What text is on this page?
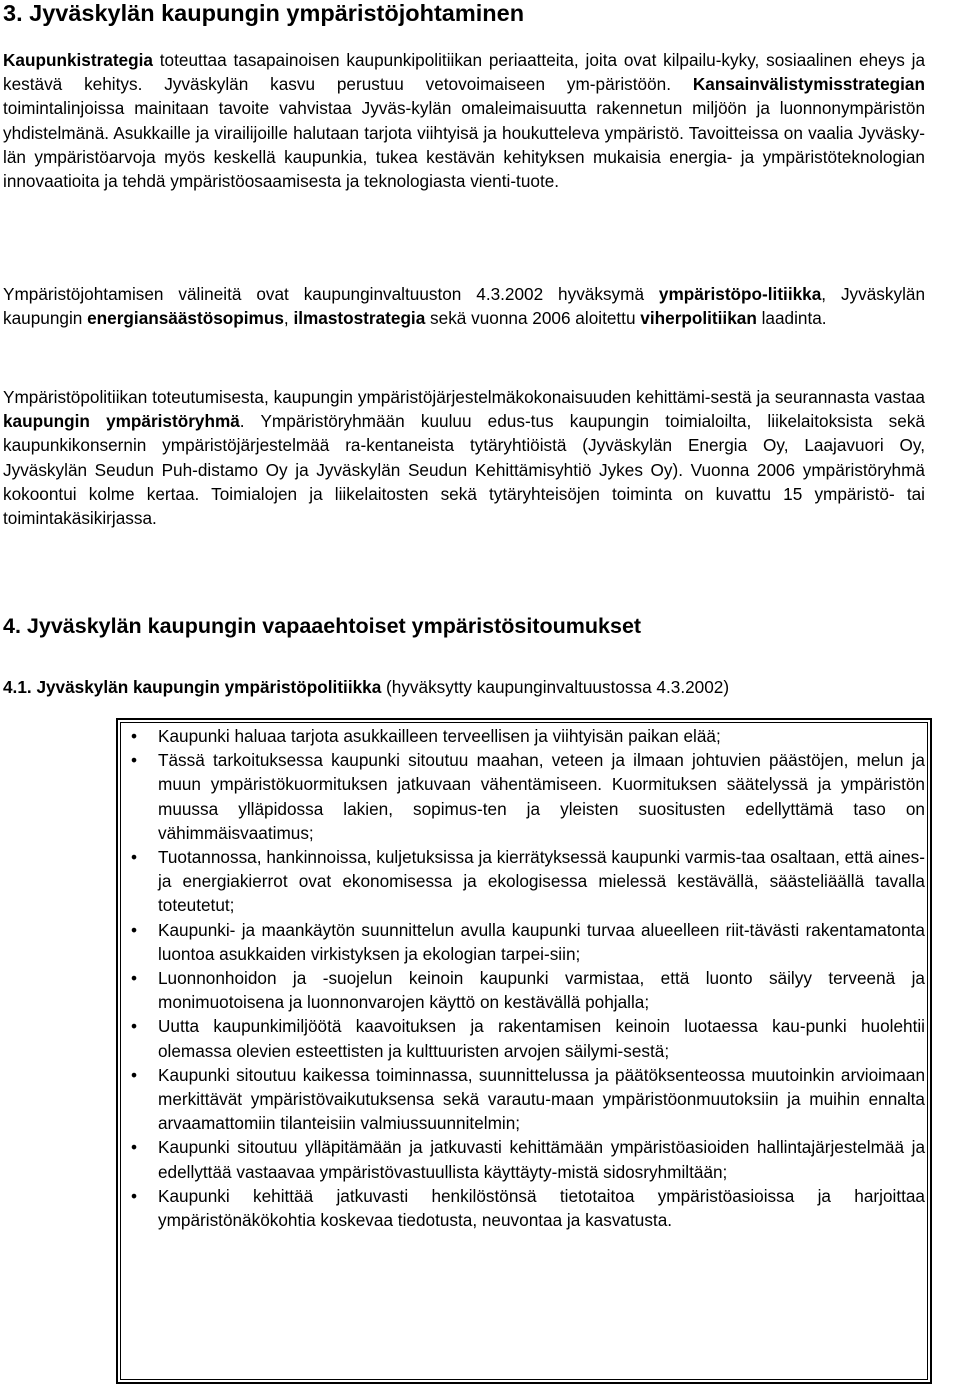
3. Jyväskylän kaupungin ympäristöjohtaminen

Kaupunkistrategia toteuttaa tasapainoisen kaupunkipolitiikan periaatteita, joita ovat kilpailu-kyky, sosiaalinen eheys ja kestävä kehitys. Jyväskylän kasvu perustuu vetovoimaiseen ym-päristöön. Kansainvälistymisstrategian toimintalinjoissa mainitaan tavoite vahvistaa Jyväs-kylän omaleimaisuutta rakennetun miljöön ja luonnonympäristön yhdistelmänä. Asukkaille ja virailijoille halutaan tarjota viihtyisä ja houkutteleva ympäristö. Tavoitteissa on vaalia Jyväsky-län ympäristöarvoja myös keskellä kaupunkia, tukea kestävän kehityksen mukaisia energia- ja ympäristöteknologian innovaatioita ja tehdä ympäristöosaamisesta ja teknologiasta vienti-tuote.

Ympäristöjohtamisen välineitä ovat kaupunginvaltuuston 4.3.2002 hyväksymä ympäristöpo-litiikka, Jyväskylän kaupungin energiansäästösopimus, ilmastostrategia sekä vuonna 2006 aloitettu viherpolitiikan laadinta.

Ympäristöpolitiikan toteutumisesta, kaupungin ympäristöjärjestelmäkokonaisuuden kehittämi-sestä ja seurannasta vastaa kaupungin ympäristöryhmä. Ympäristöryhmään kuuluu edus-tus kaupungin toimialoilta, liikelaitoksista sekä kaupunkikonsernin ympäristöjärjestelmää ra-kentaneista tytäryhtiöistä (Jyväskylän Energia Oy, Laajavuori Oy, Jyväskylän Seudun Puh-distamo Oy ja Jyväskylän Seudun Kehittämisyhtiö Jykes Oy). Vuonna 2006 ympäristöryhmä kokoontui kolme kertaa. Toimialojen ja liikelaitosten sekä tytäryhteisöjen toiminta on kuvattu 15 ympäristö- tai toimintakäsikirjassa.

4. Jyväskylän kaupungin vapaaehtoiset ympäristösitoumukset

4.1. Jyväskylän kaupungin ympäristöpolitiikka (hyväksytty kaupunginvaltuustossa 4.3.2002)

• Kaupunki haluaa tarjota asukkailleen terveellisen ja viihtyisän paikan elää;
• Tässä tarkoituksessa kaupunki sitoutuu maahan, veteen ja ilmaan johtuvien päästöjen, melun ja muun ympäristökuormituksen jatkuvaan vähentämiseen. Kuormituksen säätelyssä ja ympäristön muussa ylläpidossa lakien, sopimus-ten ja yleisten suositusten edellyttämä taso on vähimmäisvaatimus;
• Tuotannossa, hankinnoissa, kuljetuksissa ja kierrätyksessä kaupunki varmis-taa osaltaan, että aines- ja energiakierrot ovat ekonomisessa ja ekologisessa mielessä kestävällä, säästeliäällä tavalla toteutetut;
• Kaupunki- ja maankäytön suunnittelun avulla kaupunki turvaa alueelleen riit-tävästi rakentamatonta luontoa asukkaiden virkistyksen ja ekologian tarpei-siin;
• Luonnonhoidon ja -suojelun keinoin kaupunki varmistaa, että luonto säilyy terveenä ja monimuotoisena ja luonnonvarojen käyttö on kestävällä pohjalla;
• Uutta kaupunkimiljöötä kaavoituksen ja rakentamisen keinoin luotaessa kau-punki huolehtii olemassa olevien esteettisten ja kulttuuristen arvojen säilymi-sestä;
• Kaupunki sitoutuu kaikessa toiminnassa, suunnittelussa ja päätöksenteossa muutoinkin arvioimaan merkittävät ympäristövaikutuksensa sekä varautu-maan ympäristöonmuutoksiin ja muihin ennalta arvaamattomiin tilanteisiin valmiussuunnitelmin;
• Kaupunki sitoutuu ylläpitämään ja jatkuvasti kehittämään ympäristöasioiden hallintajärjestelmää ja edellyttää vastaavaa ympäristövastuullista käyttäyty-mistä sidosryhmiltään;
• Kaupunki kehittää jatkuvasti henkilöstönsä tietotaitoa ympäristöasioissa ja harjoittaa ympäristönäkökohtia koskevaa tiedotusta, neuvontaa ja kasvatusta.
